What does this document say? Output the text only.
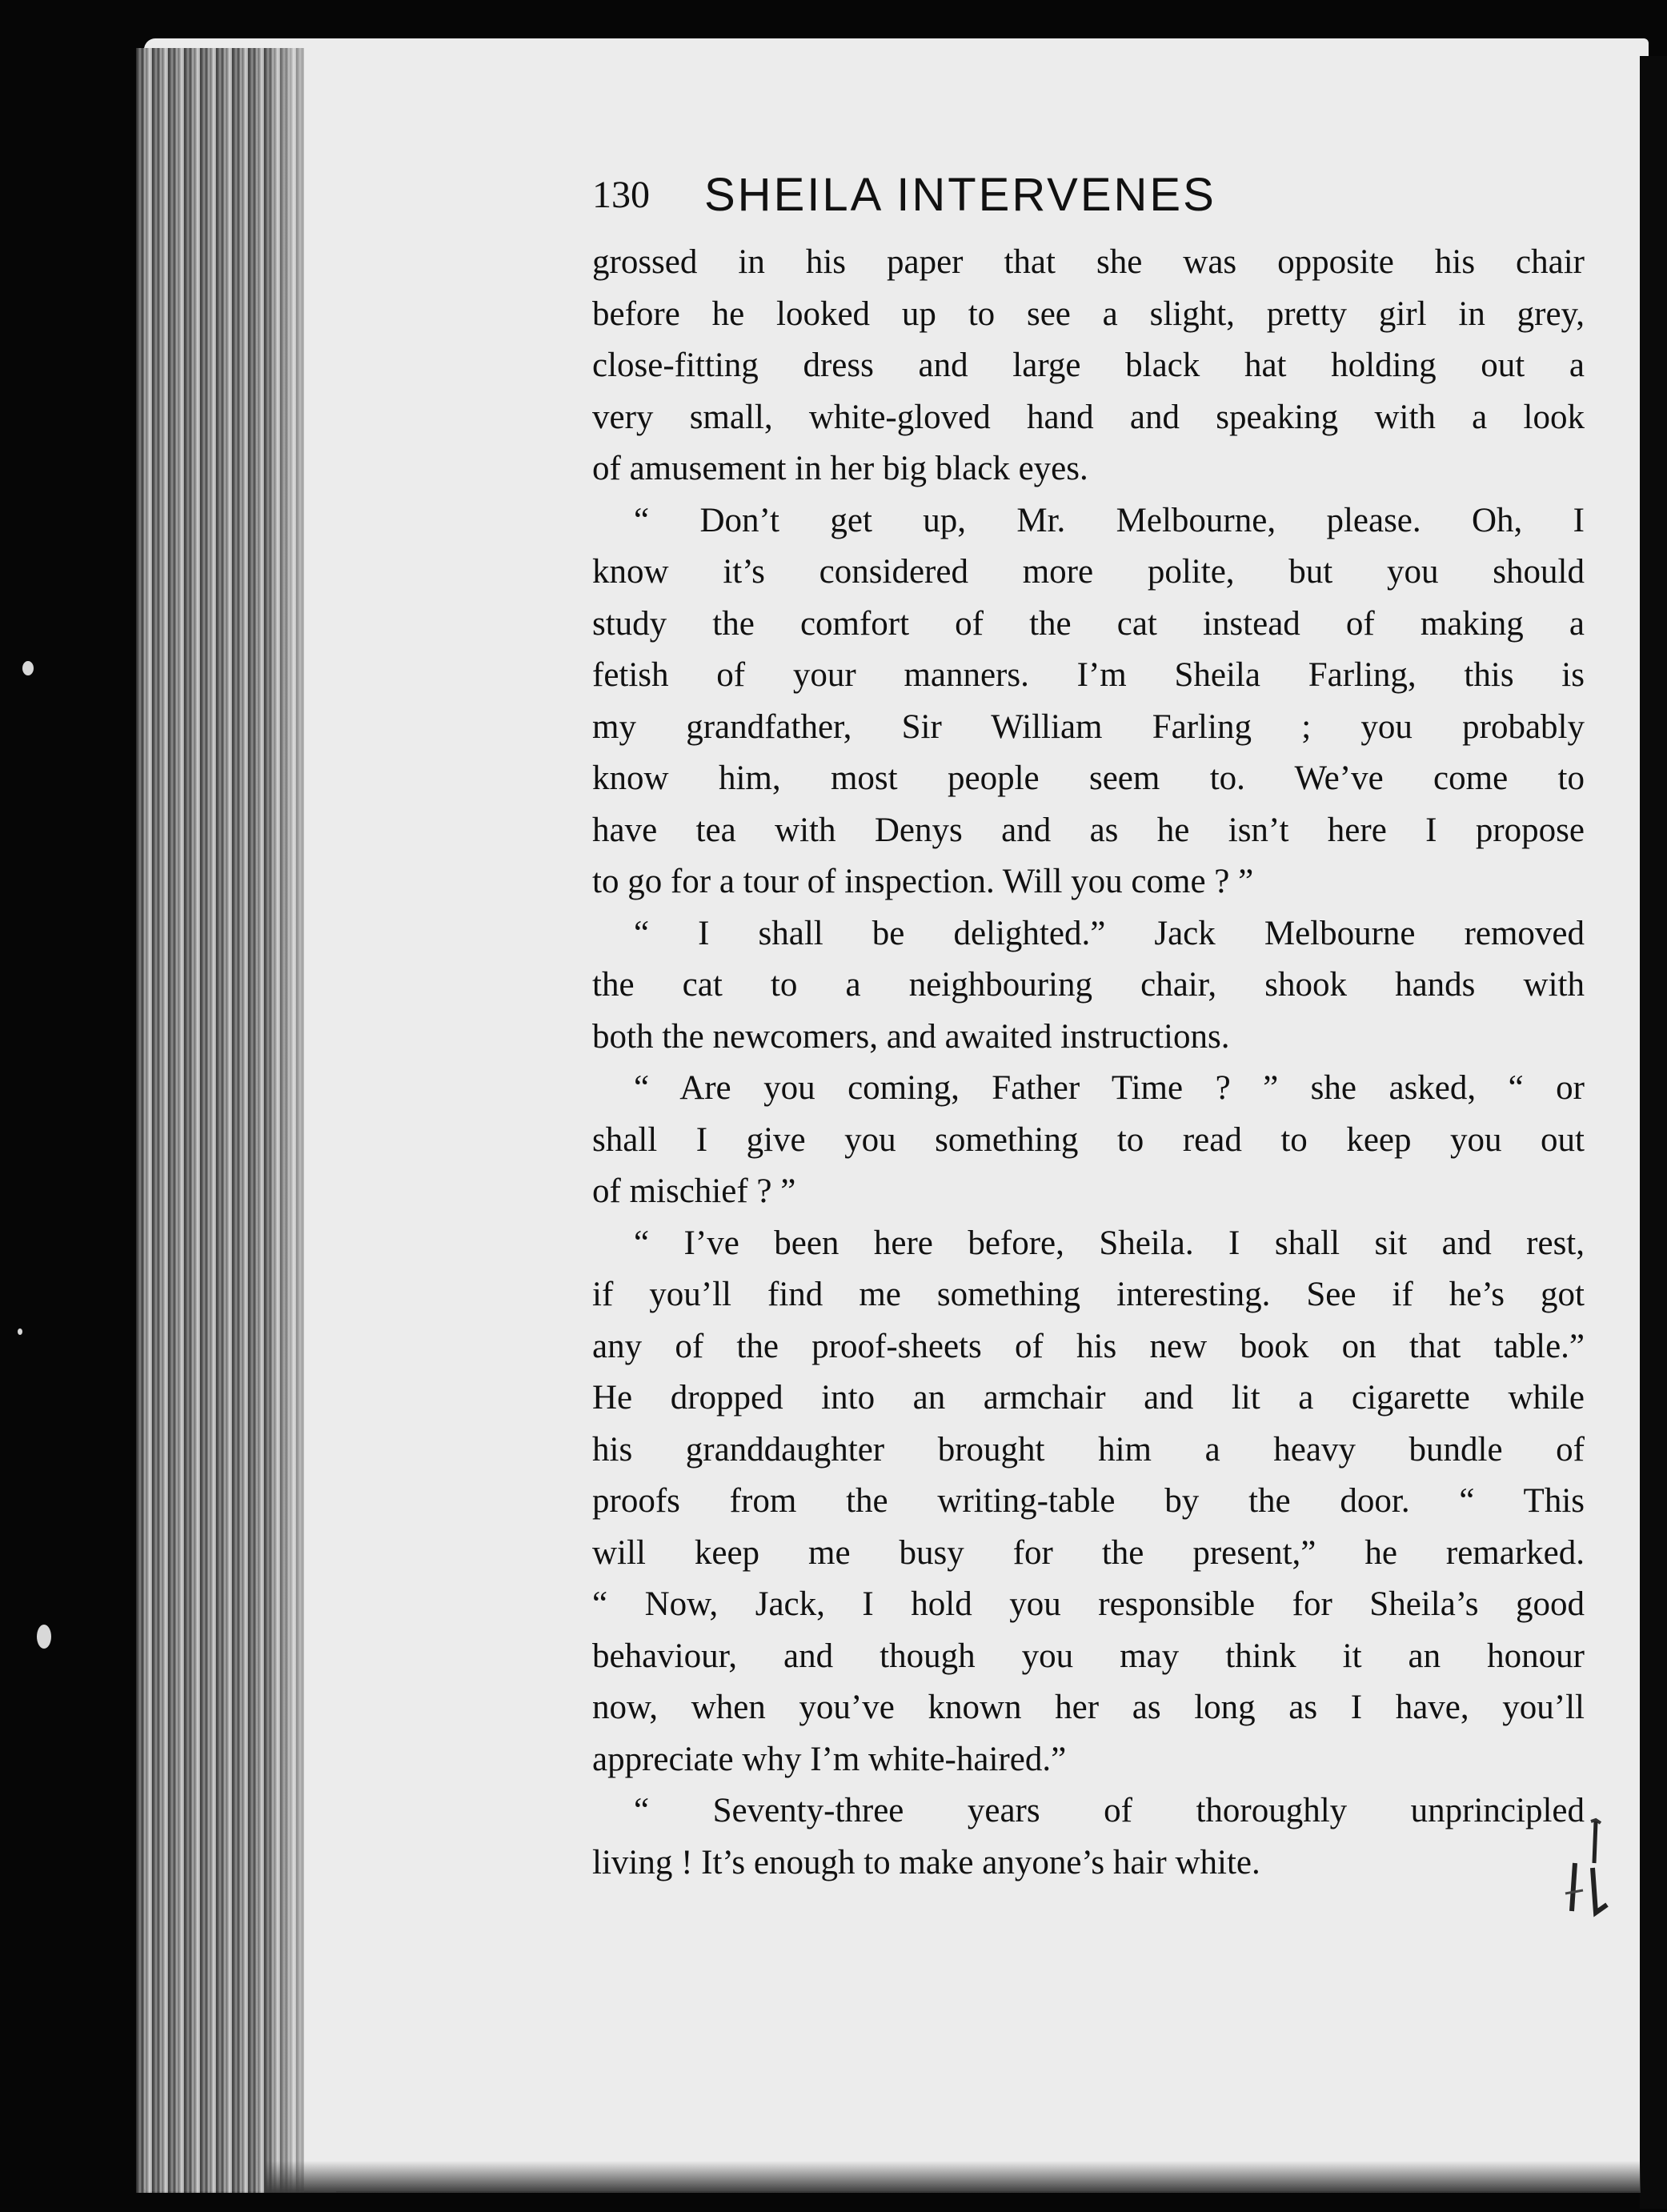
130 SHEILA INTERVENES
grossed in his paper that she was opposite his chair
before he looked up to see a slight, pretty girl in grey,
close-fitting dress and large black hat holding out a
very small, white-gloved hand and speaking with a look
of amusement in her big black eyes.
“ Don’t get up, Mr. Melbourne, please. Oh, I
know it’s considered more polite, but you should
study the comfort of the cat instead of making a
fetish of your manners. I’m Sheila Farling, this is
my grandfather, Sir William Farling ; you probably
know him, most people seem to. We’ve come to
have tea with Denys and as he isn’t here I propose
to go for a tour of inspection. Will you come ? ”
“ I shall be delighted.” Jack Melbourne removed
the cat to a neighbouring chair, shook hands with
both the newcomers, and awaited instructions.
“ Are you coming, Father Time ? ” she asked, “ or
shall I give you something to read to keep you out
of mischief ? ”
“ I’ve been here before, Sheila. I shall sit and rest,
if you’ll find me something interesting. See if he’s got
any of the proof-sheets of his new book on that table.”
He dropped into an armchair and lit a cigarette while
his granddaughter brought him a heavy bundle of
proofs from the writing-table by the door. “ This
will keep me busy for the present,” he remarked.
“ Now, Jack, I hold you responsible for Sheila’s good
behaviour, and though you may think it an honour
now, when you’ve known her as long as I have, you’ll
appreciate why I’m white-haired.”
“ Seventy-three years of thoroughly unprincipled
living ! It’s enough to make anyone’s hair white.
